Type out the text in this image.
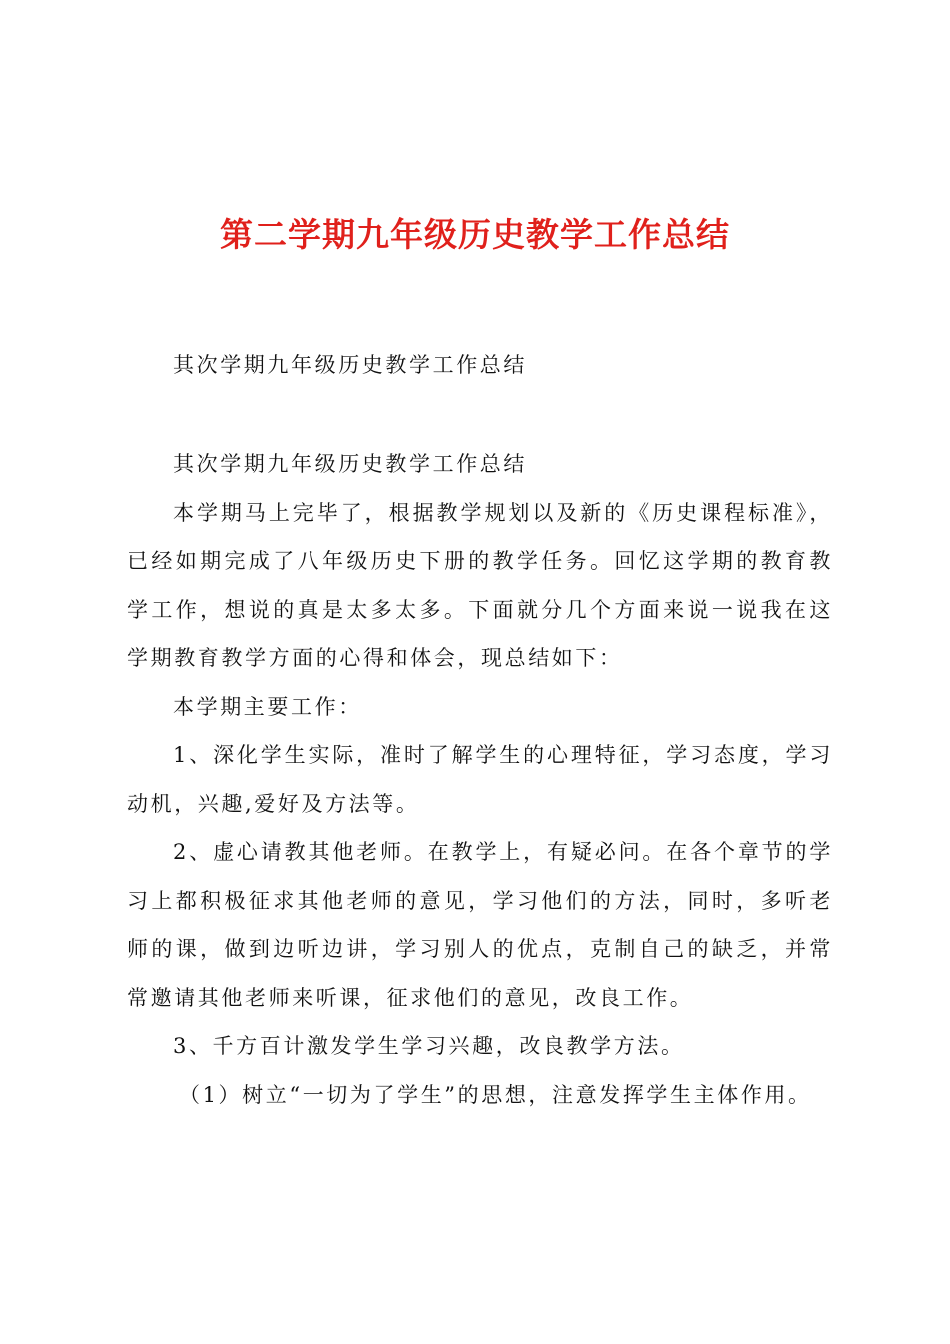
第二学期九年级历史教学工作总结

其次学期九年级历史教学工作总结

其次学期九年级历史教学工作总结

本学期马上完毕了，根据教学规划以及新的《历史课程标准》，已经如期完成了八年级历史下册的教学任务。回忆这学期的教育教学工作，想说的真是太多太多。下面就分几个方面来说一说我在这学期教育教学方面的心得和体会，现总结如下：

本学期主要工作：

1、深化学生实际，准时了解学生的心理特征，学习态度，学习动机，兴趣,爱好及方法等。

2、虚心请教其他老师。在教学上，有疑必问。在各个章节的学习上都积极征求其他老师的意见，学习他们的方法，同时，多听老师的课，做到边听边讲，学习别人的优点，克制自己的缺乏，并常常邀请其他老师来听课，征求他们的意见，改良工作。

3、千方百计激发学生学习兴趣，改良教学方法。

（1）树立“一切为了学生”的思想，注意发挥学生主体作用。
